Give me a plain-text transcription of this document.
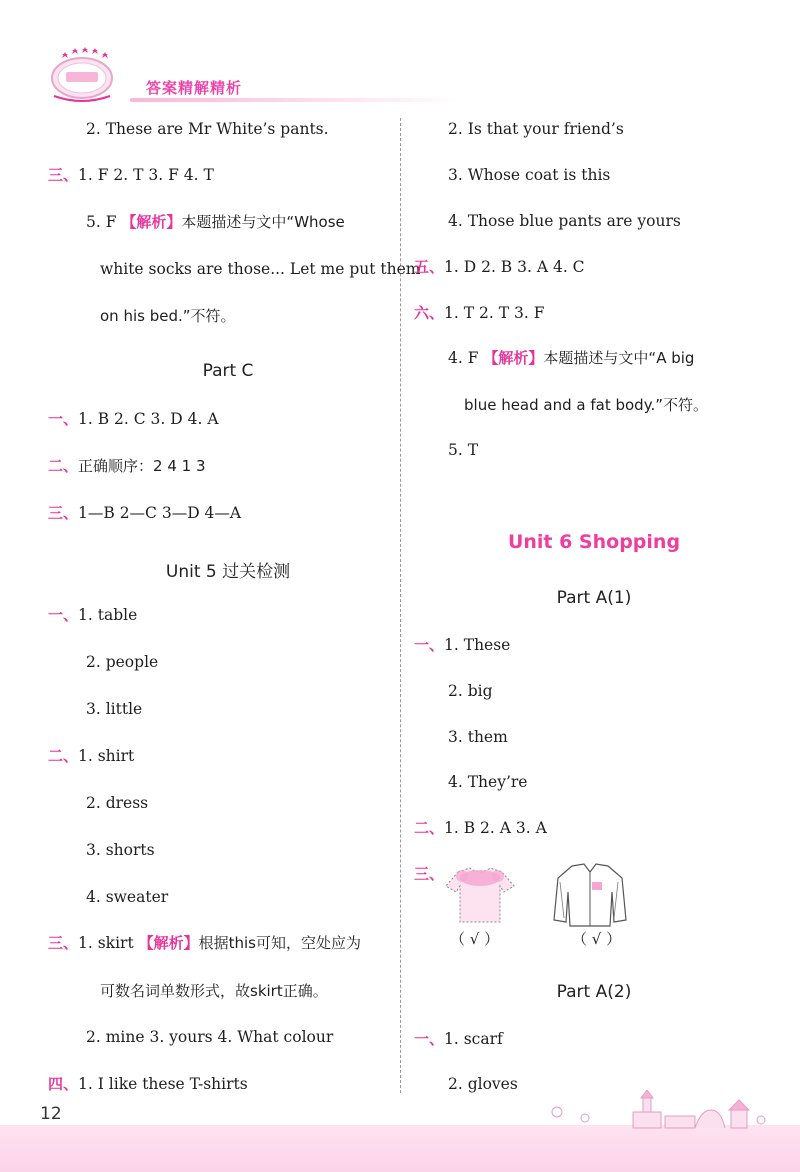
答案精解精析
2. These are Mr White’s pants.
三、1. F 2. T 3. F 4. T
5. F 【解析】本题描述与文中“Whose
white socks are those... Let me put them
on his bed.”不符。
Part C
一、1. B 2. C 3. D 4. A
二、正确顺序：2 4 1 3
三、1—B 2—C 3—D 4—A
Unit 5 过关检测
一、1. table
2. people
3. little
二、1. shirt
2. dress
3. shorts
4. sweater
三、1. skirt 【解析】根据this可知，空处应为
可数名词单数形式，故skirt正确。
2. mine 3. yours 4. What colour
四、1. I like these T-shirts
2. Is that your friend’s
3. Whose coat is this
4. Those blue pants are yours
五、1. D 2. B 3. A 4. C
六、1. T 2. T 3. F
4. F 【解析】本题描述与文中“A big
blue head and a fat body.”不符。
5. T
Unit 6 Shopping
Part A(1)
一、1. These
2. big
3. them
4. They’re
二、1. B 2. A 3. A
三、
（ √ ）	（ √ ）
Part A(2)
一、1. scarf
2. gloves
12
